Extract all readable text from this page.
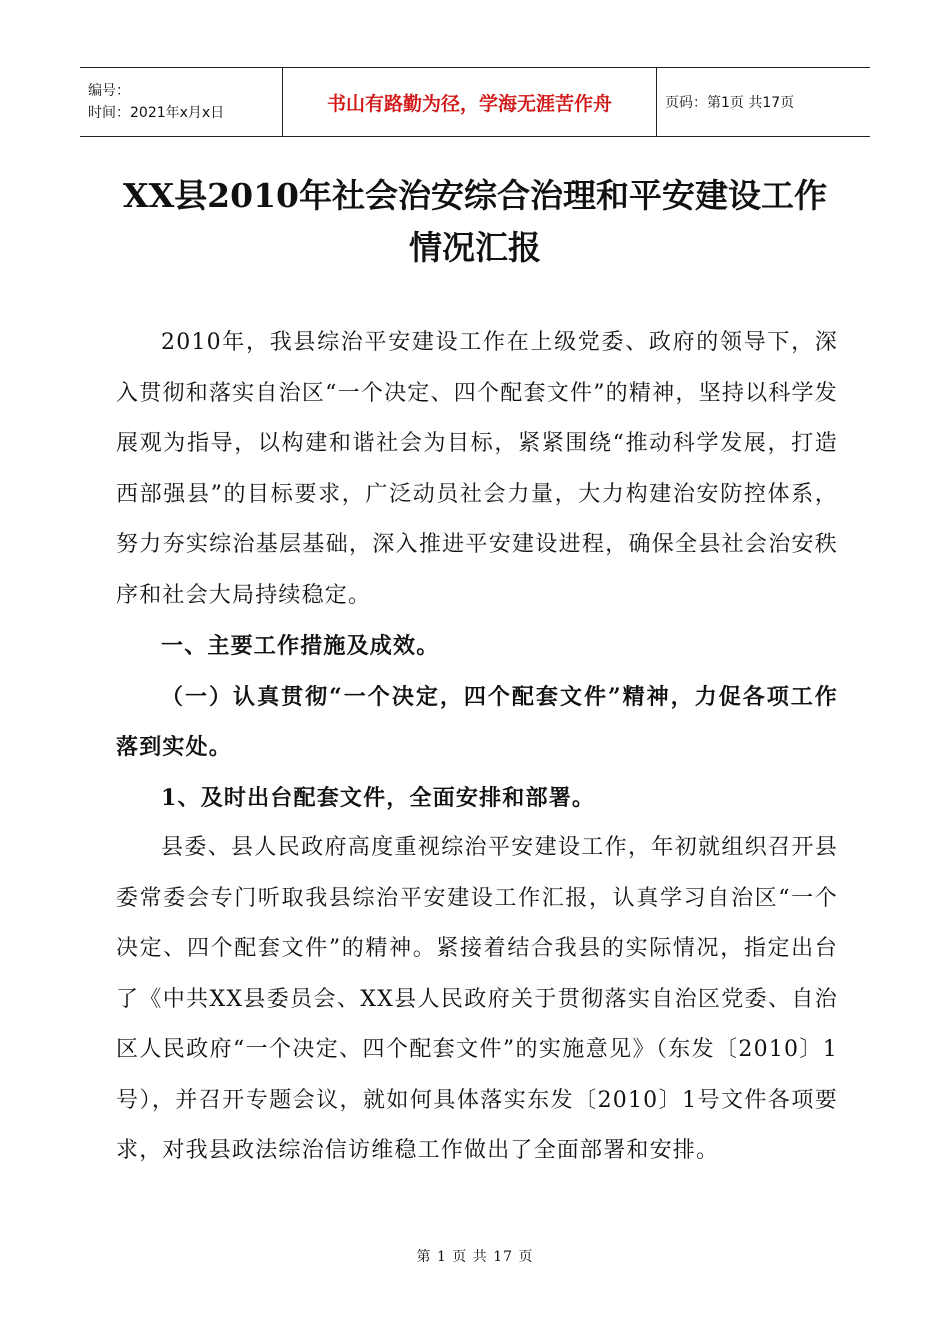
编号：
时间：2021年x月x日	书山有路勤为径，学海无涯苦作舟	页码：第1页 共17页
XX县2010年社会治安综合治理和平安建设工作
情况汇报

2010年，我县综治平安建设工作在上级党委、政府的领导下，深入贯彻和落实自治区“一个决定、四个配套文件”的精神，坚持以科学发展观为指导，以构建和谐社会为目标，紧紧围绕“推动科学发展，打造西部强县”的目标要求，广泛动员社会力量，大力构建治安防控体系，努力夯实综治基层基础，深入推进平安建设进程，确保全县社会治安秩序和社会大局持续稳定。

一、主要工作措施及成效。

（一）认真贯彻“一个决定，四个配套文件”精神，力促各项工作落到实处。

1、及时出台配套文件，全面安排和部署。

县委、县人民政府高度重视综治平安建设工作，年初就组织召开县委常委会专门听取我县综治平安建设工作汇报，认真学习自治区“一个决定、四个配套文件”的精神。紧接着结合我县的实际情况，指定出台了《中共XX县委员会、XX县人民政府关于贯彻落实自治区党委、自治区人民政府“一个决定、四个配套文件”的实施意见》（东发〔2010〕1号），并召开专题会议，就如何具体落实东发〔2010〕1号文件各项要求，对我县政法综治信访维稳工作做出了全面部署和安排。

第 1 页 共 17 页
